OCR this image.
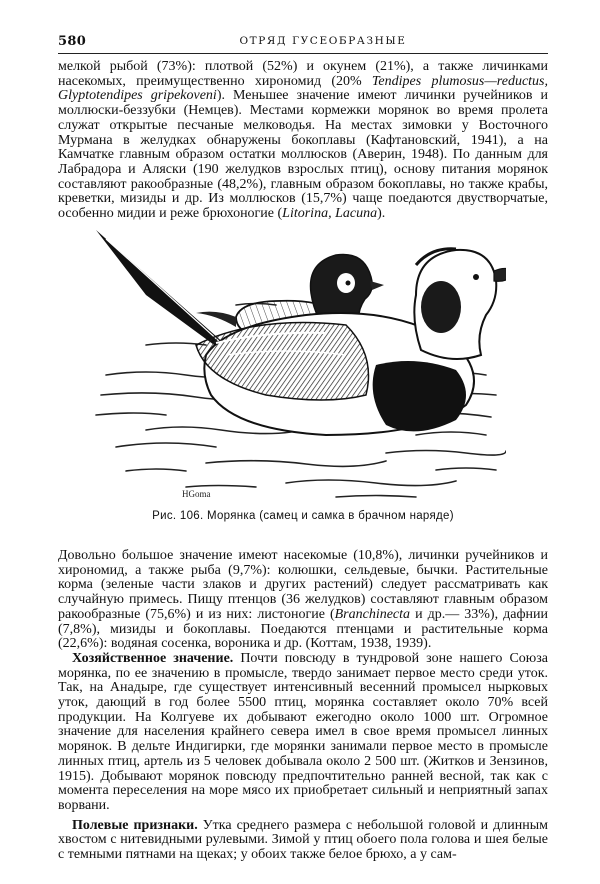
580	ОТРЯД ГУСЕОБРАЗНЫЕ

мелкой рыбой (73%): плотвой (52%) и окунем (21%), а также личинками насекомых, преимущественно хирономид (20% Tendipes plumosus—reductus, Glyptotendipes gripekoveni). Меньшее значение имеют личинки ручейников и моллюски-беззубки (Немцев). Местами кормежки морянок во время пролета служат открытые песчаные мелководья. На местах зимовки у Восточного Мурмана в желудках обнаружены бокоплавы (Кафтановский, 1941), а на Камчатке главным образом остатки моллюсков (Аверин, 1948). По данным для Лабрадора и Аляски (190 желудков взрослых птиц), основу питания морянок составляют ракообразные (48,2%), главным образом бокоплавы, но также крабы, креветки, мизиды и др. Из моллюсков (15,7%) чаще поедаются двустворчатые, особенно мидии и реже брюхоногие (Litorina, Lacuna).

HGoma
Рис. 106. Морянка (самец и самка в брачном наряде)

Довольно большое значение имеют насекомые (10,8%), личинки ручейников и хирономид, а также рыба (9,7%): колюшки, сельдевые, бычки. Растительные корма (зеленые части злаков и других растений) следует рассматривать как случайную примесь. Пищу птенцов (36 желудков) составляют главным образом ракообразные (75,6%) и из них: листоногие (Branchinecta и др.— 33%), дафнии (7,8%), мизиды и бокоплавы. Поедаются птенцами и растительные корма (22,6%): водяная сосенка, вороника и др. (Коттам, 1938, 1939).

Хозяйственное значение. Почти повсюду в тундровой зоне нашего Союза морянка, по ее значению в промысле, твердо занимает первое место среди уток. Так, на Анадыре, где существует интенсивный весенний промысел нырковых уток, дающий в год более 5500 птиц, морянка составляет около 70% всей продукции. На Колгуеве их добывают ежегодно около 1000 шт. Огромное значение для населения крайнего севера имел в свое время промысел линных морянок. В дельте Индигирки, где морянки занимали первое место в промысле линных птиц, артель из 5 человек добывала около 2 500 шт. (Житков и Зензинов, 1915). Добывают морянок повсюду предпочтительно ранней весной, так как с момента переселения на море мясо их приобретает сильный и неприятный запах ворвани.

Полевые признаки. Утка среднего размера с небольшой головой и длинным хвостом с нитевидными рулевыми. Зимой у птиц обоего пола голова и шея белые с темными пятнами на щеках; у обоих также белое брюхо, а у сам-
